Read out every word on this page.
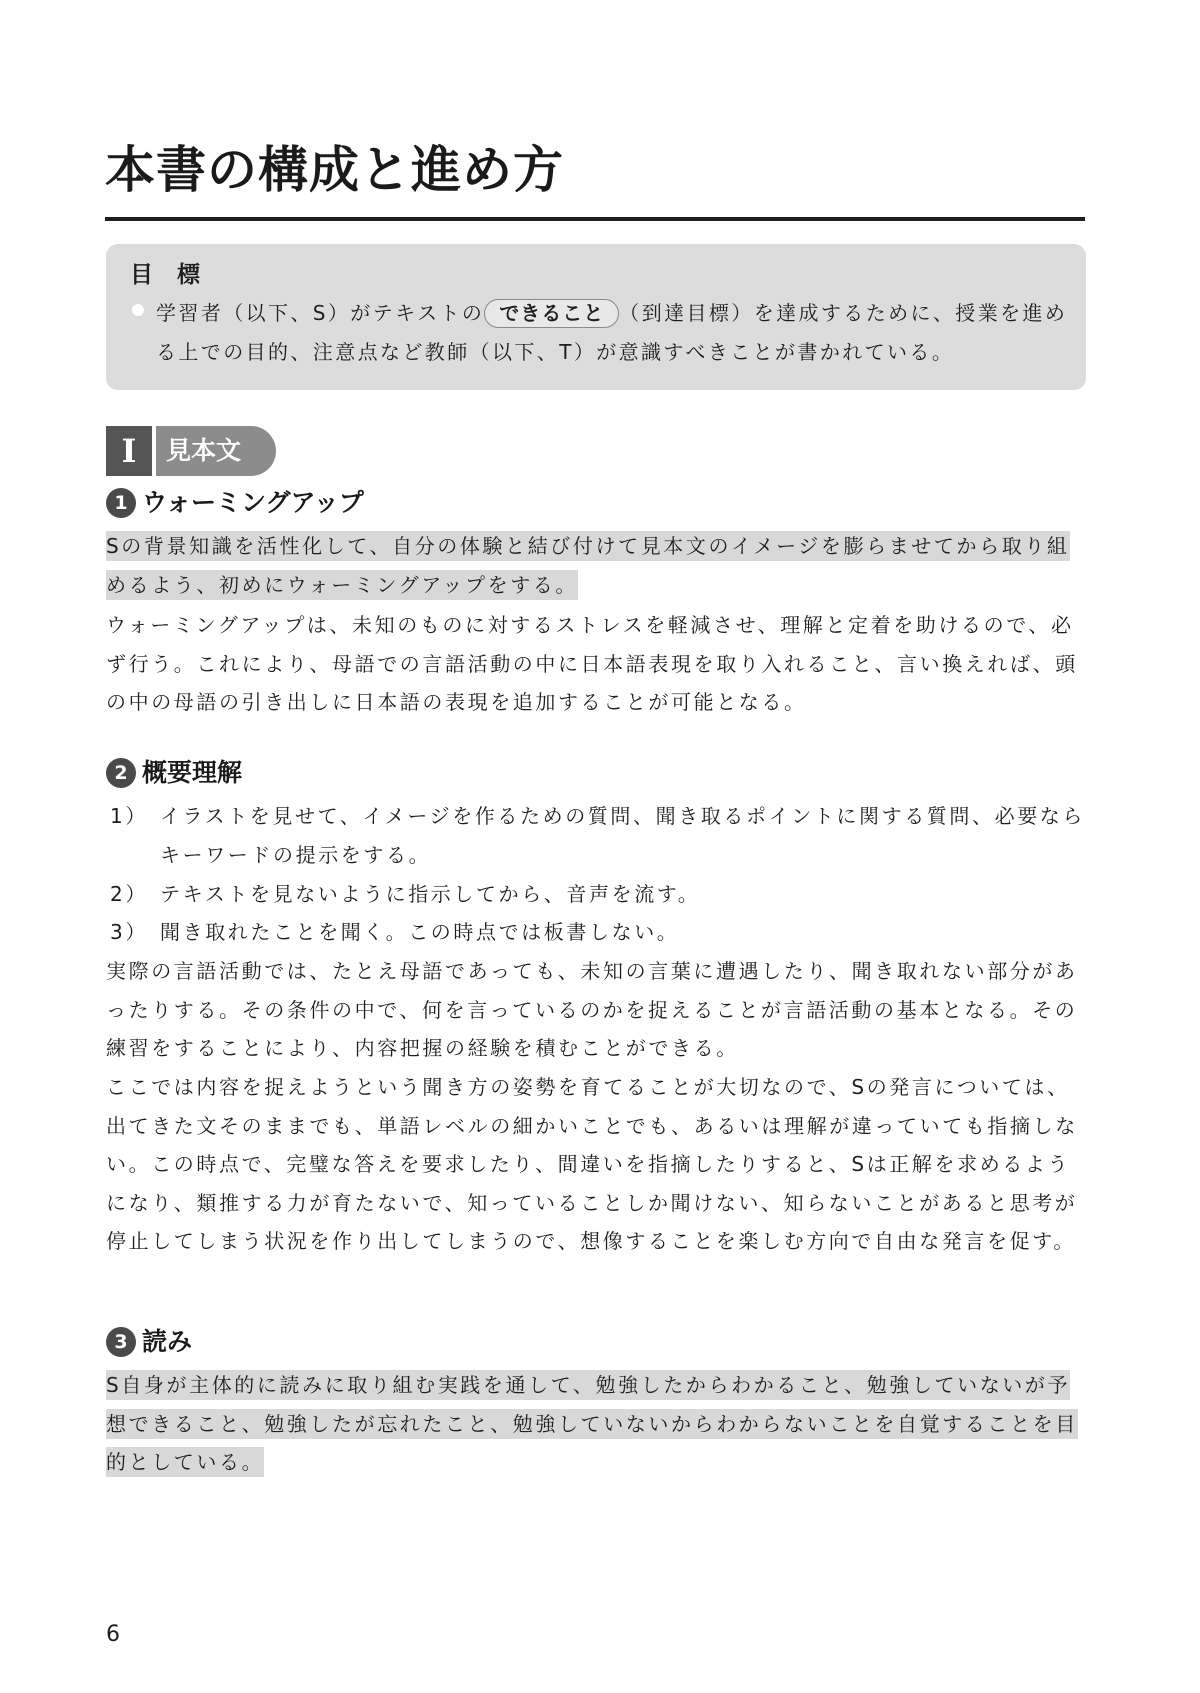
本書の構成と進め方
目 標
学習者（以下、S）がテキストの できること （到達目標）を達成するために、授業を進める上での目的、注意点など教師（以下、T）が意識すべきことが書かれている。
I	見本文
1 ウォーミングアップ

Sの背景知識を活性化して、自分の体験と結び付けて見本文のイメージを膨らませてから取り組めるよう、初めにウォーミングアップをする。

ウォーミングアップは、未知のものに対するストレスを軽減させ、理解と定着を助けるので、必ず行う。これにより、母語での言語活動の中に日本語表現を取り入れること、言い換えれば、頭の中の母語の引き出しに日本語の表現を追加することが可能となる。

2 概要理解
1） イラストを見せて、イメージを作るための質問、聞き取るポイントに関する質問、必要ならキーワードの提示をする。
2） テキストを見ないように指示してから、音声を流す。
3） 聞き取れたことを聞く。この時点では板書しない。

実際の言語活動では、たとえ母語であっても、未知の言葉に遭遇したり、聞き取れない部分があったりする。その条件の中で、何を言っているのかを捉えることが言語活動の基本となる。その練習をすることにより、内容把握の経験を積むことができる。

ここでは内容を捉えようという聞き方の姿勢を育てることが大切なので、Sの発言については、出てきた文そのままでも、単語レベルの細かいことでも、あるいは理解が違っていても指摘しない。この時点で、完璧な答えを要求したり、間違いを指摘したりすると、Sは正解を求めるようになり、類推する力が育たないで、知っていることしか聞けない、知らないことがあると思考が停止してしまう状況を作り出してしまうので、想像することを楽しむ方向で自由な発言を促す。

3 読み

S自身が主体的に読みに取り組む実践を通して、勉強したからわかること、勉強していないが予想できること、勉強したが忘れたこと、勉強していないからわからないことを自覚することを目的としている。

6
